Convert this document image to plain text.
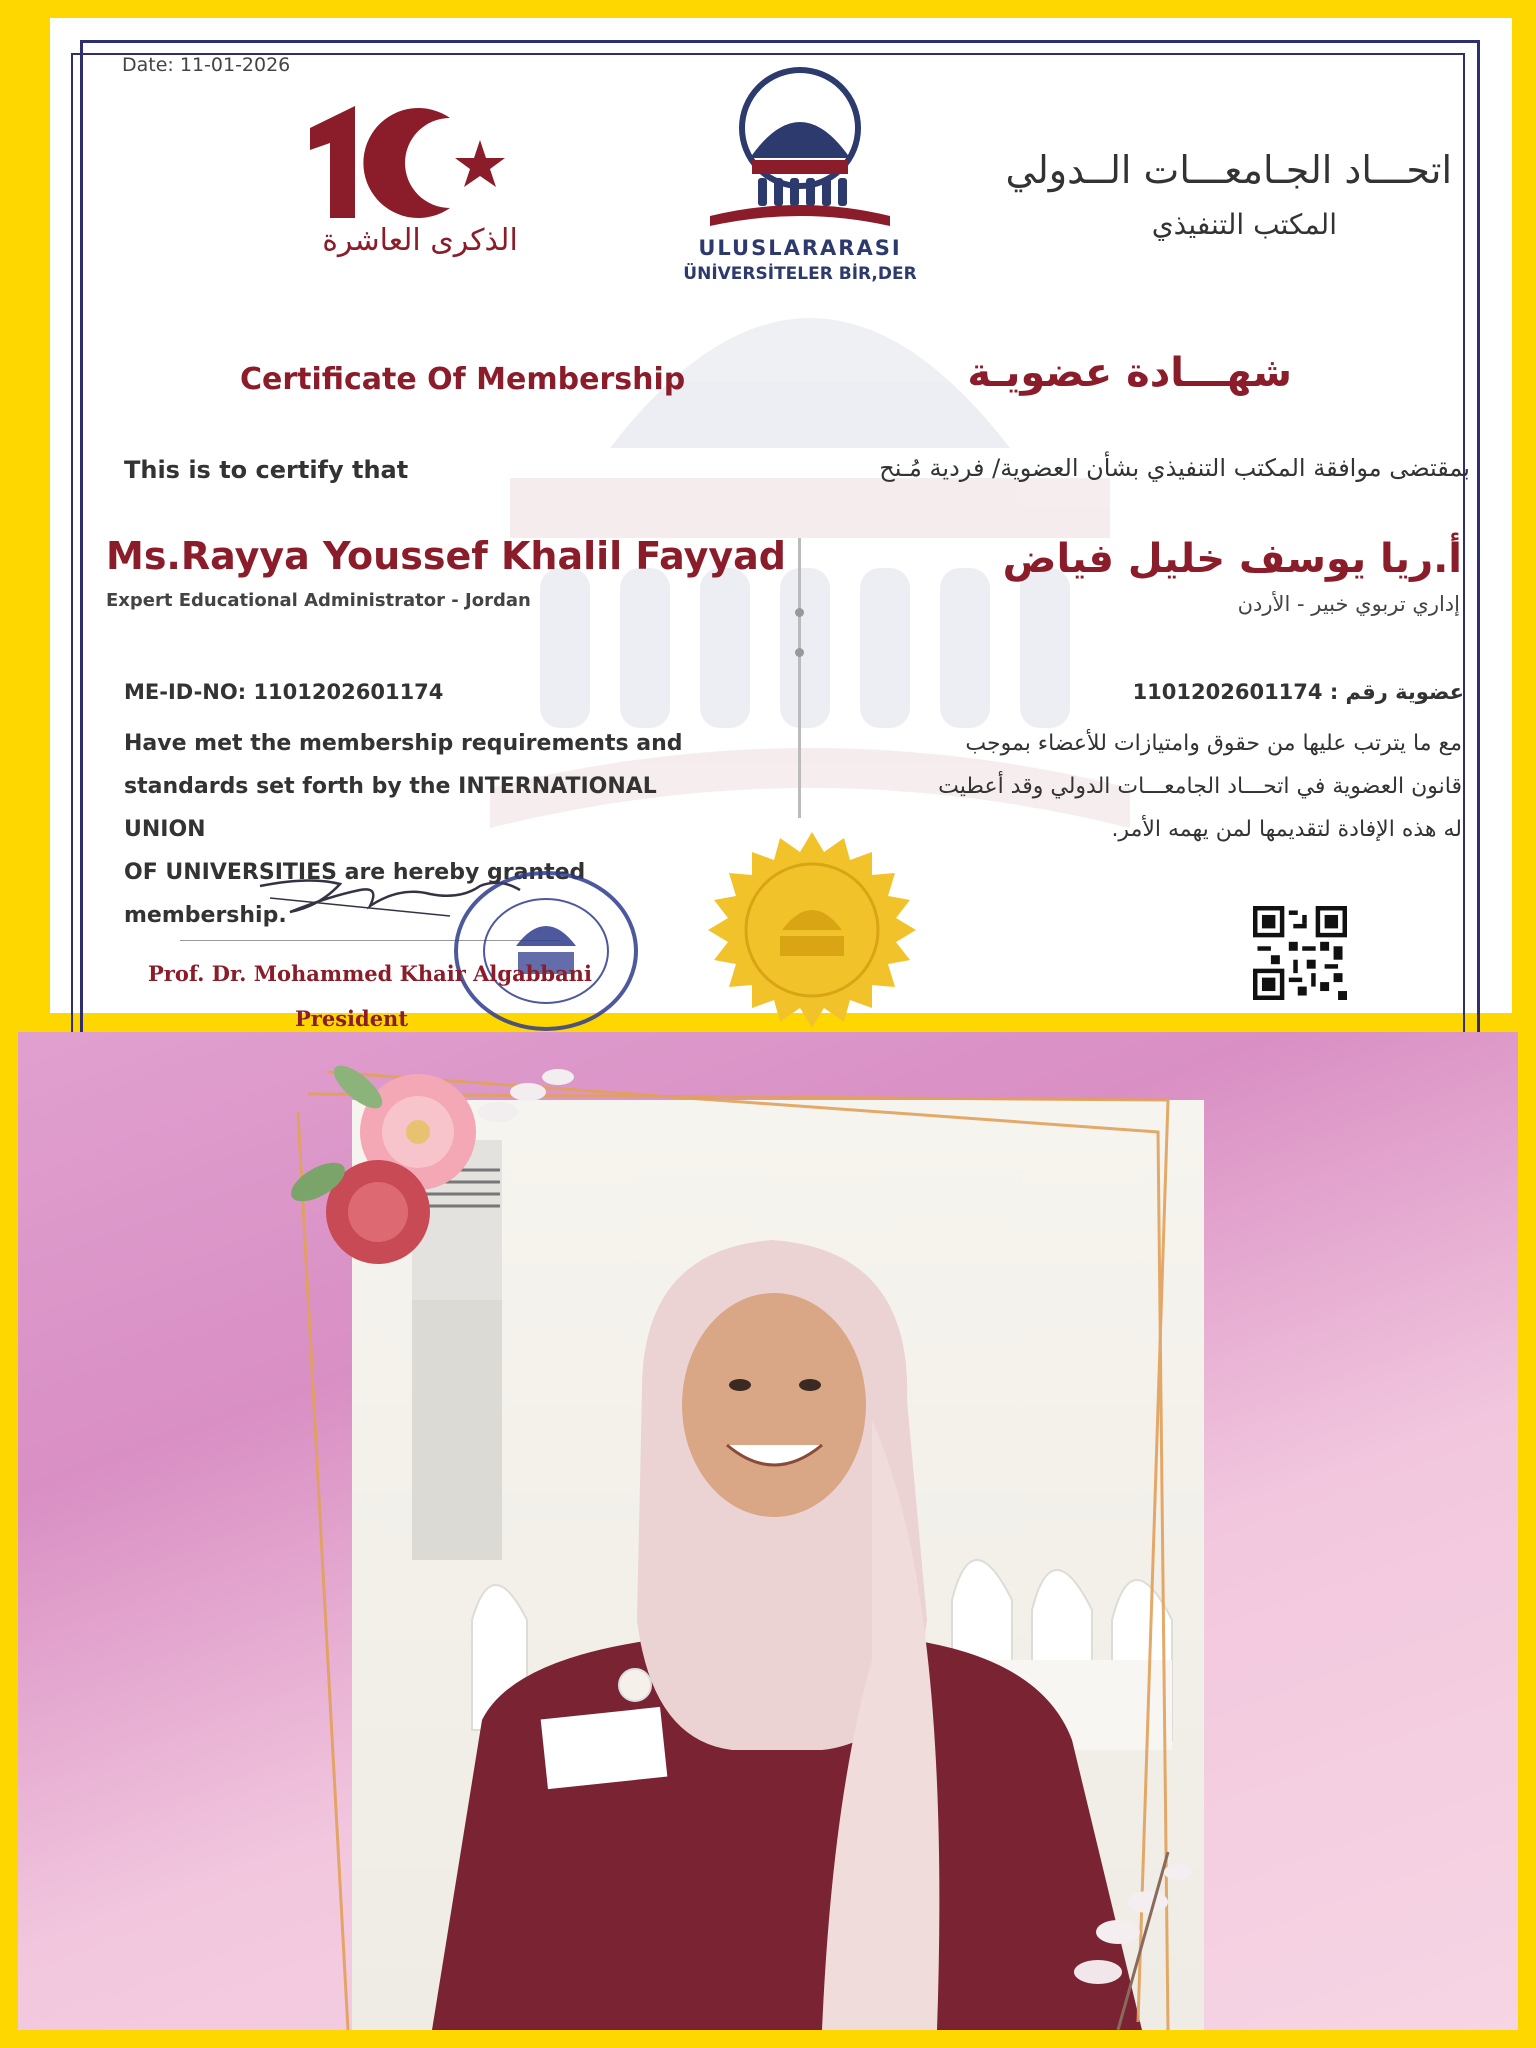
Date: 11-01-2026

الذكرى العاشرة	ULUSLARARASI

ÜNİVERSİTELER BİR,DER

اتحـــاد الجـامعـــات الــدولي

المكتب التنفيذي

Certificate Of Membership	شهـــادة عضويـة

This is to certify that	بمقتضى موافقة المكتب التنفيذي بشأن العضوية/ فردية مُـنح

Ms.Rayya Youssef Khalil Fayyad

Expert Educational Administrator - Jordan

أ.ريا يوسف خليل فياض

إداري تربوي خبير - الأردن

ME-ID-NO: 1101202601174	عضوية رقم : 1101202601174

Have met the membership requirements and
standards set forth by the INTERNATIONAL UNION
OF UNIVERSITIES are hereby granted membership.
مع ما يترتب عليها من حقوق وامتيازات للأعضاء بموجب
قانون العضوية في اتحـــاد الجامعـــات الدولي وقد أعطيت
له هذه الإفادة لتقديمها لمن يهمه الأمر.

Prof. Dr. Mohammed Khair Algabbani

President
